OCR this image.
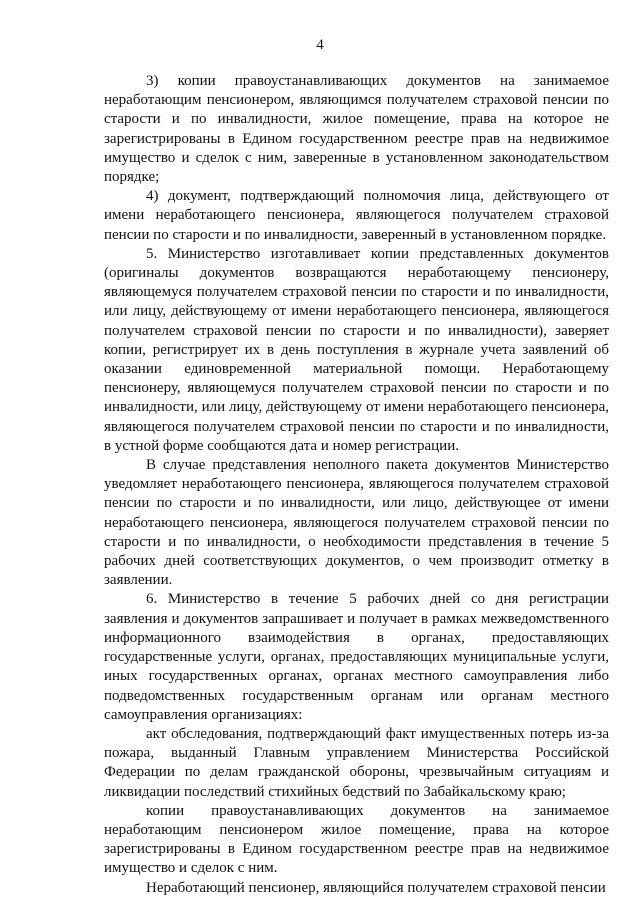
4

3) копии правоустанавливающих документов на занимаемое неработающим пенсионером, являющимся получателем страховой пенсии по старости и по инвалидности, жилое помещение, права на которое не зарегистрированы в Едином государственном реестре прав на недвижимое имущество и сделок с ним, заверенные в установленном законодательством порядке;

4) документ, подтверждающий полномочия лица, действующего от имени неработающего пенсионера, являющегося получателем страховой пенсии по старости и по инвалидности, заверенный в установленном порядке.

5. Министерство изготавливает копии представленных документов (оригиналы документов возвращаются неработающему пенсионеру, являющемуся получателем страховой пенсии по старости и по инвалидности, или лицу, действующему от имени неработающего пенсионера, являющегося получателем страховой пенсии по старости и по инвалидности), заверяет копии, регистрирует их в день поступления в журнале учета заявлений об оказании единовременной материальной помощи. Неработающему пенсионеру, являющемуся получателем страховой пенсии по старости и по инвалидности, или лицу, действующему от имени неработающего пенсионера, являющегося получателем страховой пенсии по старости и по инвалидности, в устной форме сообщаются дата и номер регистрации.

В случае представления неполного пакета документов Министерство уведомляет неработающего пенсионера, являющегося получателем страховой пенсии по старости и по инвалидности, или лицо, действующее от имени неработающего пенсионера, являющегося получателем страховой пенсии по старости и по инвалидности, о необходимости представления в течение 5 рабочих дней соответствующих документов, о чем производит отметку в заявлении.

6. Министерство в течение 5 рабочих дней со дня регистрации заявления и документов запрашивает и получает в рамках межведомственного информационного взаимодействия в органах, предоставляющих государственные услуги, органах, предоставляющих муниципальные услуги, иных государственных органах, органах местного самоуправления либо подведомственных государственным органам или органам местного самоуправления организациях:

акт обследования, подтверждающий факт имущественных потерь из-за пожара, выданный Главным управлением Министерства Российской Федерации по делам гражданской обороны, чрезвычайным ситуациям и ликвидации последствий стихийных бедствий по Забайкальскому краю;

копии правоустанавливающих документов на занимаемое неработающим пенсионером жилое помещение, права на которое зарегистрированы в Едином государственном реестре прав на недвижимое имущество и сделок с ним.

Неработающий пенсионер, являющийся получателем страховой пенсии
